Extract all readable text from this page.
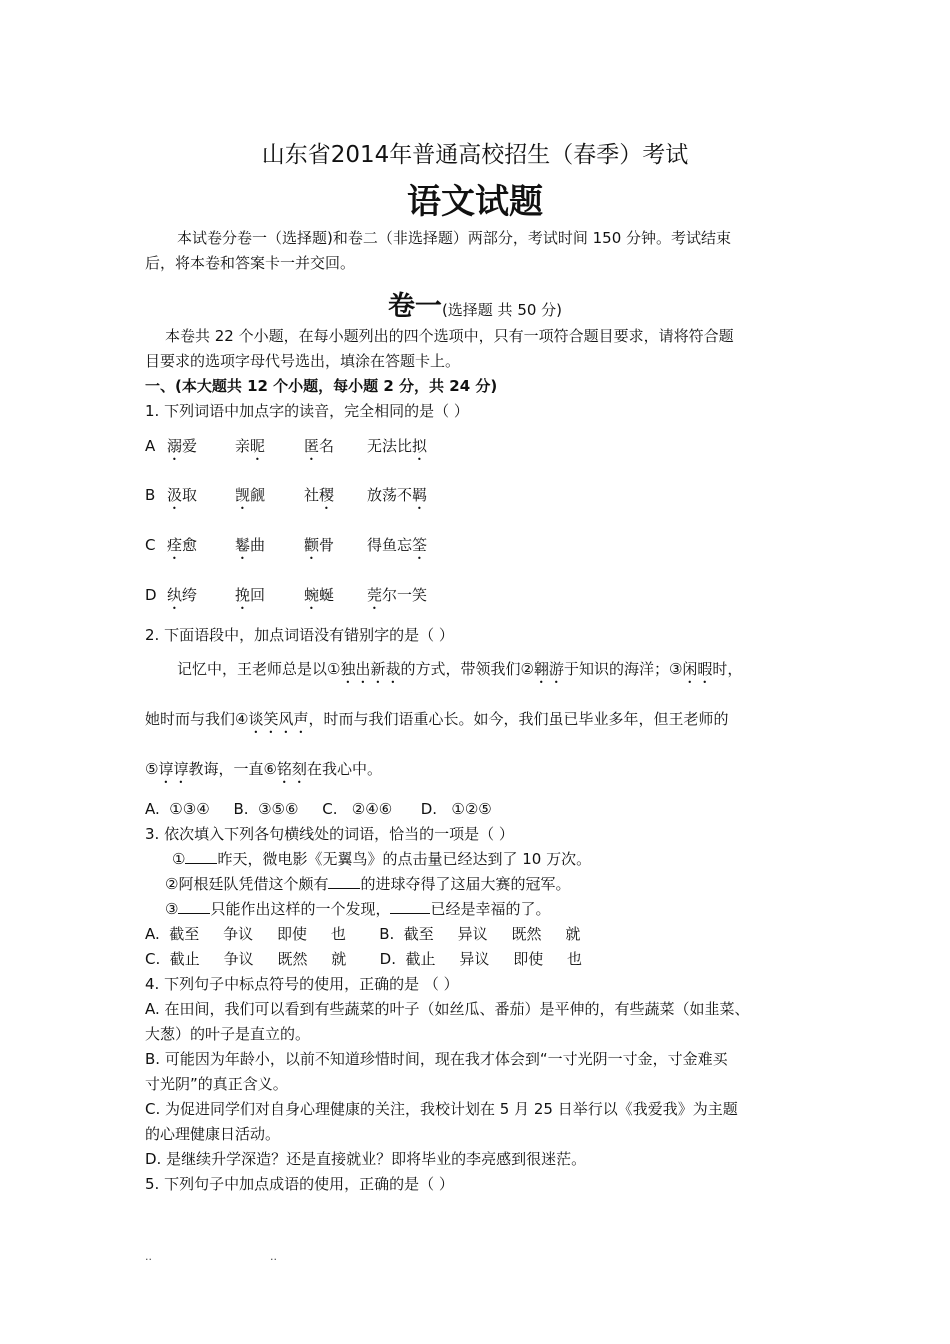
山东省2014年普通高校招生（春季）考试
语文试题
本试卷分卷一（选择题)和卷二（非选择题）两部分，考试时间 150 分钟。考试结束
后，将本卷和答案卡一并交回。
卷一(选择题 共 50 分)
本卷共 22 个小题，在每小题列出的四个选项中，只有一项符合题目要求，请将符合题
目要求的选项字母代号选出，填涂在答题卡上。
一、(本大题共 12 个小题，每小题 2 分，共 24 分)
1. 下列词语中加点字的读音，完全相同的是（ ）
A 溺爱	亲昵	匿名 无法比拟
B 汲取	觊觎	社稷 放荡不羁
C 痊愈	鬈曲	颧骨 得鱼忘筌
D 纨绔	挽回	蜿蜒 莞尔一笑
2. 下面语段中，加点词语没有错别字的是（ ）
记忆中，王老师总是以①独出新裁的方式，带领我们②翱游于知识的海洋；③闲暇时，
她时而与我们④谈笑风声，时而与我们语重心长。如今，我们虽已毕业多年，但王老师的
⑤谆谆教诲，一直⑥铭刻在我心中。
A.  ①③④     B.  ③⑤⑥     C.   ②④⑥      D.   ①②⑤
3. 依次填入下列各句横线处的词语，恰当的一项是（ ）
① 昨天，微电影《无翼鸟》的点击量已经达到了 10 万次。
②阿根廷队凭借这个颇有 的进球夺得了这届大赛的冠军。
③ 只能作出这样的一个发现，	已经是幸福的了。
A.  截至     争议     即使     也       B.  截至     异议     既然     就
C.  截止     争议     既然     就       D.  截止     异议     即使     也
4. 下列句子中标点符号的使用，正确的是 （ ）
A. 在田间，我们可以看到有些蔬菜的叶子（如丝瓜、番茄）是平伸的，有些蔬菜（如韭菜、
大葱）的叶子是直立的。
B. 可能因为年龄小，以前不知道珍惜时间，现在我才体会到“一寸光阴一寸金，寸金难买
寸光阴”的真正含义。
C. 为促进同学们对自身心理健康的关注，我校计划在 5 月 25 日举行以《我爱我》为主题
的心理健康日活动。
D. 是继续升学深造？还是直接就业？即将毕业的李亮感到很迷茫。
5. 下列句子中加点成语的使用，正确的是（ ）
..	..
